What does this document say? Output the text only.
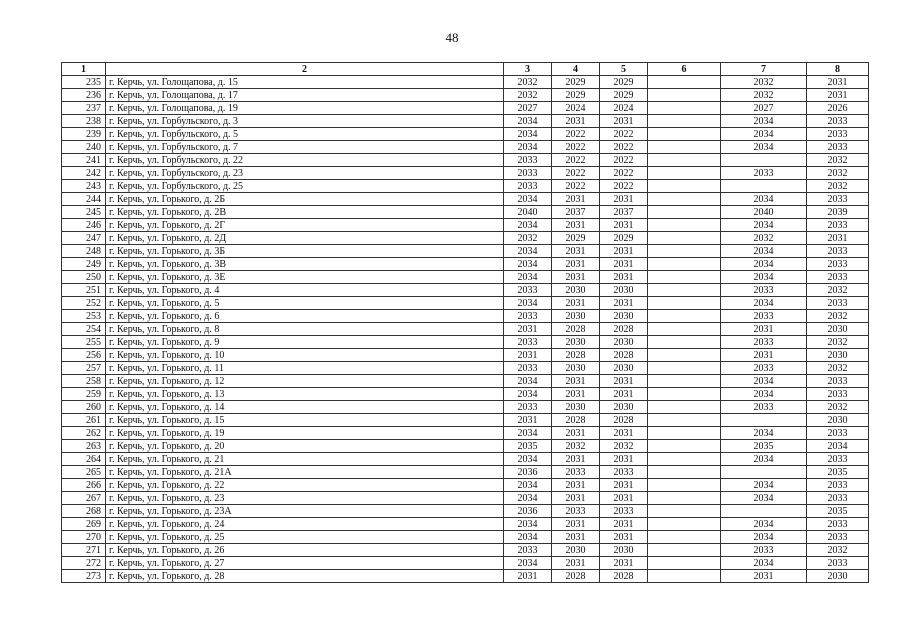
48
1	2	3	4	5	6	7	8
235	г. Керчь, ул. Голощапова, д. 15	2032	2029	2029		2032	2031
236	г. Керчь, ул. Голощапова, д. 17	2032	2029	2029		2032	2031
237	г. Керчь, ул. Голощапова, д. 19	2027	2024	2024		2027	2026
238	г. Керчь, ул. Горбульского, д. 3	2034	2031	2031		2034	2033
239	г. Керчь, ул. Горбульского, д. 5	2034	2022	2022		2034	2033
240	г. Керчь, ул. Горбульского, д. 7	2034	2022	2022		2034	2033
241	г. Керчь, ул. Горбульского, д. 22	2033	2022	2022			2032
242	г. Керчь, ул. Горбульского, д. 23	2033	2022	2022		2033	2032
243	г. Керчь, ул. Горбульского, д. 25	2033	2022	2022			2032
244	г. Керчь, ул. Горького, д. 2Б	2034	2031	2031		2034	2033
245	г. Керчь, ул. Горького, д. 2В	2040	2037	2037		2040	2039
246	г. Керчь, ул. Горького, д. 2Г	2034	2031	2031		2034	2033
247	г. Керчь, ул. Горького, д. 2Д	2032	2029	2029		2032	2031
248	г. Керчь, ул. Горького, д. 3Б	2034	2031	2031		2034	2033
249	г. Керчь, ул. Горького, д. 3В	2034	2031	2031		2034	2033
250	г. Керчь, ул. Горького, д. 3Е	2034	2031	2031		2034	2033
251	г. Керчь, ул. Горького, д. 4	2033	2030	2030		2033	2032
252	г. Керчь, ул. Горького, д. 5	2034	2031	2031		2034	2033
253	г. Керчь, ул. Горького, д. 6	2033	2030	2030		2033	2032
254	г. Керчь, ул. Горького, д. 8	2031	2028	2028		2031	2030
255	г. Керчь, ул. Горького, д. 9	2033	2030	2030		2033	2032
256	г. Керчь, ул. Горького, д. 10	2031	2028	2028		2031	2030
257	г. Керчь, ул. Горького, д. 11	2033	2030	2030		2033	2032
258	г. Керчь, ул. Горького, д. 12	2034	2031	2031		2034	2033
259	г. Керчь, ул. Горького, д. 13	2034	2031	2031		2034	2033
260	г. Керчь, ул. Горького, д. 14	2033	2030	2030		2033	2032
261	г. Керчь, ул. Горького, д. 15	2031	2028	2028			2030
262	г. Керчь, ул. Горького, д. 19	2034	2031	2031		2034	2033
263	г. Керчь, ул. Горького, д. 20	2035	2032	2032		2035	2034
264	г. Керчь, ул. Горького, д. 21	2034	2031	2031		2034	2033
265	г. Керчь, ул. Горького, д. 21А	2036	2033	2033			2035
266	г. Керчь, ул. Горького, д. 22	2034	2031	2031		2034	2033
267	г. Керчь, ул. Горького, д. 23	2034	2031	2031		2034	2033
268	г. Керчь, ул. Горького, д. 23А	2036	2033	2033			2035
269	г. Керчь, ул. Горького, д. 24	2034	2031	2031		2034	2033
270	г. Керчь, ул. Горького, д. 25	2034	2031	2031		2034	2033
271	г. Керчь, ул. Горького, д. 26	2033	2030	2030		2033	2032
272	г. Керчь, ул. Горького, д. 27	2034	2031	2031		2034	2033
273	г. Керчь, ул. Горького, д. 28	2031	2028	2028		2031	2030
